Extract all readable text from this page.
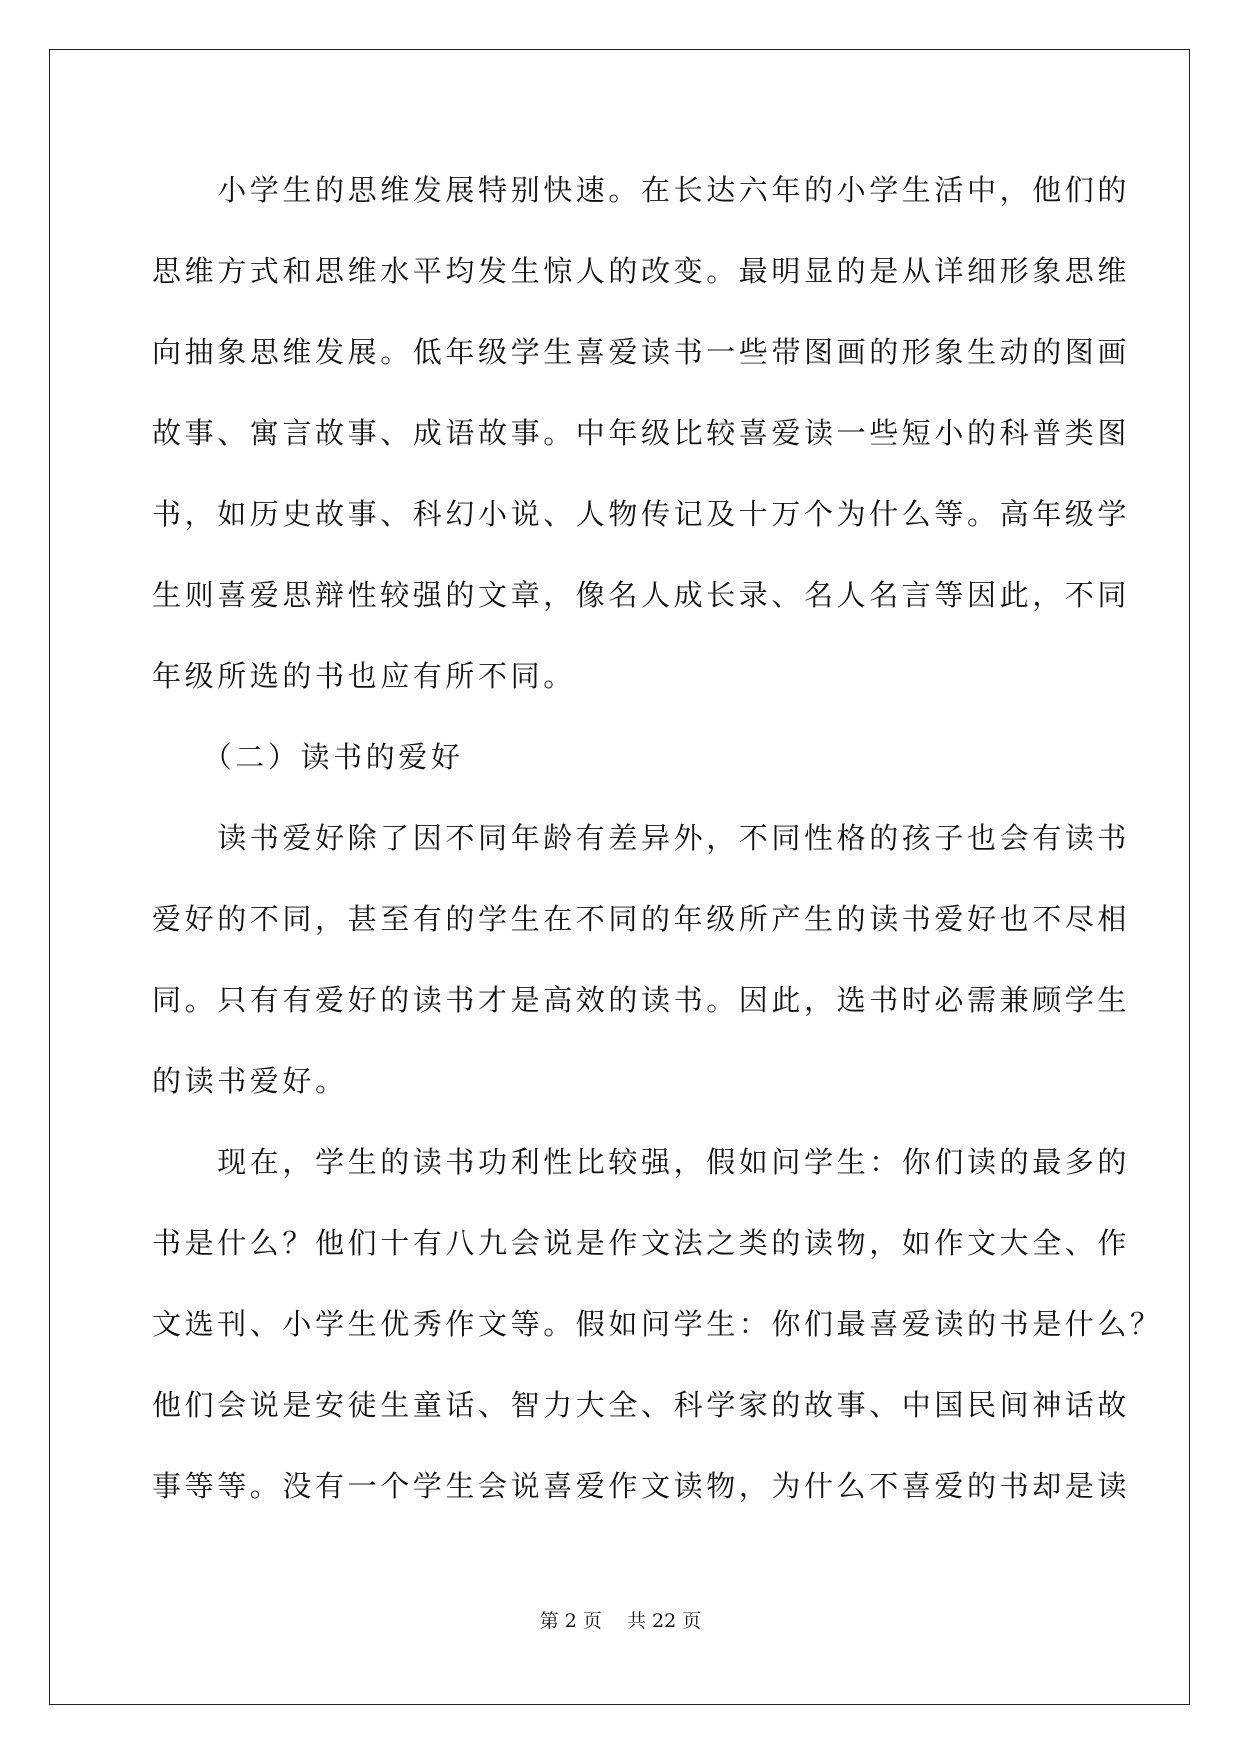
　　小学生的思维发展特别快速。在长达六年的小学生活中，他们的
思维方式和思维水平均发生惊人的改变。最明显的是从详细形象思维
向抽象思维发展。低年级学生喜爱读书一些带图画的形象生动的图画
故事、寓言故事、成语故事。中年级比较喜爱读一些短小的科普类图
书，如历史故事、科幻小说、人物传记及十万个为什么等。高年级学
生则喜爱思辩性较强的文章，像名人成长录、名人名言等因此，不同
年级所选的书也应有所不同。
　　（二）读书的爱好
　　读书爱好除了因不同年龄有差异外，不同性格的孩子也会有读书
爱好的不同，甚至有的学生在不同的年级所产生的读书爱好也不尽相
同。只有有爱好的读书才是高效的读书。因此，选书时必需兼顾学生
的读书爱好。
　　现在，学生的读书功利性比较强，假如问学生：你们读的最多的
书是什么？他们十有八九会说是作文法之类的读物，如作文大全、作
文选刊、小学生优秀作文等。假如问学生：你们最喜爱读的书是什么？
他们会说是安徒生童话、智力大全、科学家的故事、中国民间神话故
事等等。没有一个学生会说喜爱作文读物，为什么不喜爱的书却是读
第 2 页　 共 22 页
